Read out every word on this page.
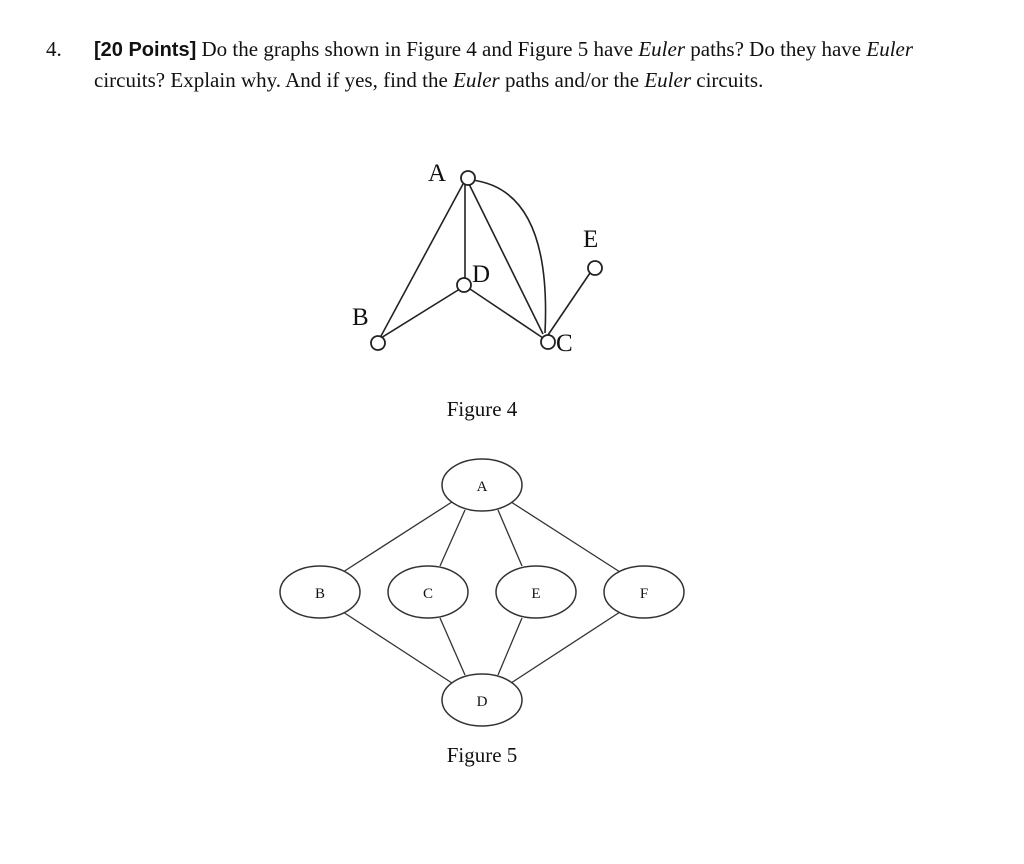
4. [20 Points] Do the graphs shown in Figure 4 and Figure 5 have Euler paths? Do they have Euler circuits? Explain why. And if yes, find the Euler paths and/or the Euler circuits.
A
B
C
D
E
Figure 4
A
B	C	E	F
D
Figure 5
